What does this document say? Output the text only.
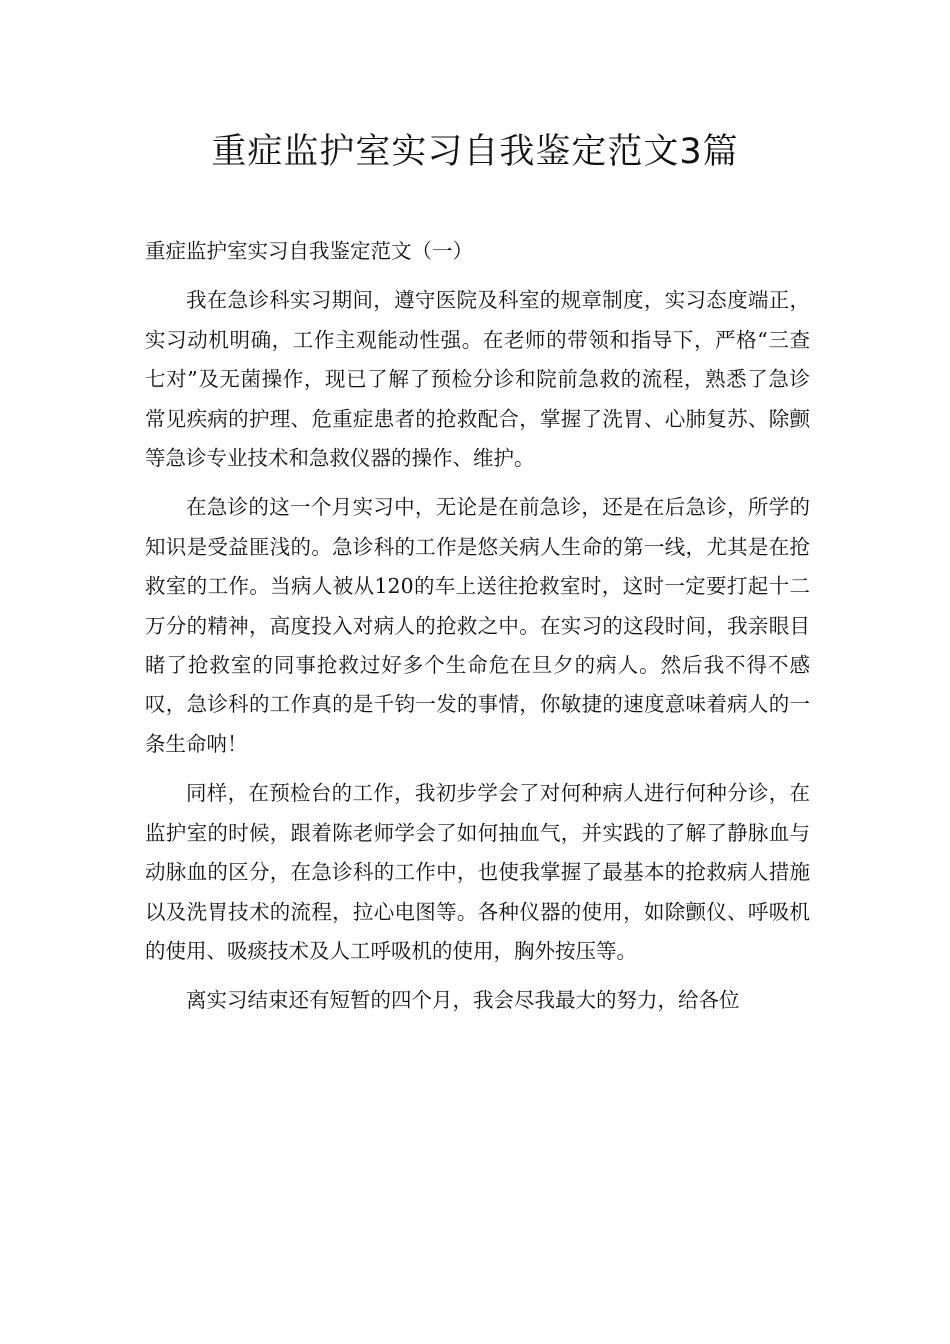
重症监护室实习自我鉴定范文3篇

重症监护室实习自我鉴定范文（一）

我在急诊科实习期间，遵守医院及科室的规章制度，实习态度端正，实习动机明确，工作主观能动性强。在老师的带领和指导下，严格“三查七对”及无菌操作，现已了解了预检分诊和院前急救的流程，熟悉了急诊常见疾病的护理、危重症患者的抢救配合，掌握了洗胃、心肺复苏、除颤等急诊专业技术和急救仪器的操作、维护。

在急诊的这一个月实习中，无论是在前急诊，还是在后急诊，所学的知识是受益匪浅的。急诊科的工作是悠关病人生命的第一线，尤其是在抢救室的工作。当病人被从120的车上送往抢救室时，这时一定要打起十二万分的精神，高度投入对病人的抢救之中。在实习的这段时间，我亲眼目睹了抢救室的同事抢救过好多个生命危在旦夕的病人。然后我不得不感叹，急诊科的工作真的是千钧一发的事情，你敏捷的速度意味着病人的一条生命呐！

同样，在预检台的工作，我初步学会了对何种病人进行何种分诊，在监护室的时候，跟着陈老师学会了如何抽血气，并实践的了解了静脉血与动脉血的区分，在急诊科的工作中，也使我掌握了最基本的抢救病人措施以及洗胃技术的流程，拉心电图等。各种仪器的使用，如除颤仪、呼吸机的使用、吸痰技术及人工呼吸机的使用，胸外按压等。

离实习结束还有短暂的四个月，我会尽我最大的努力，给各位
